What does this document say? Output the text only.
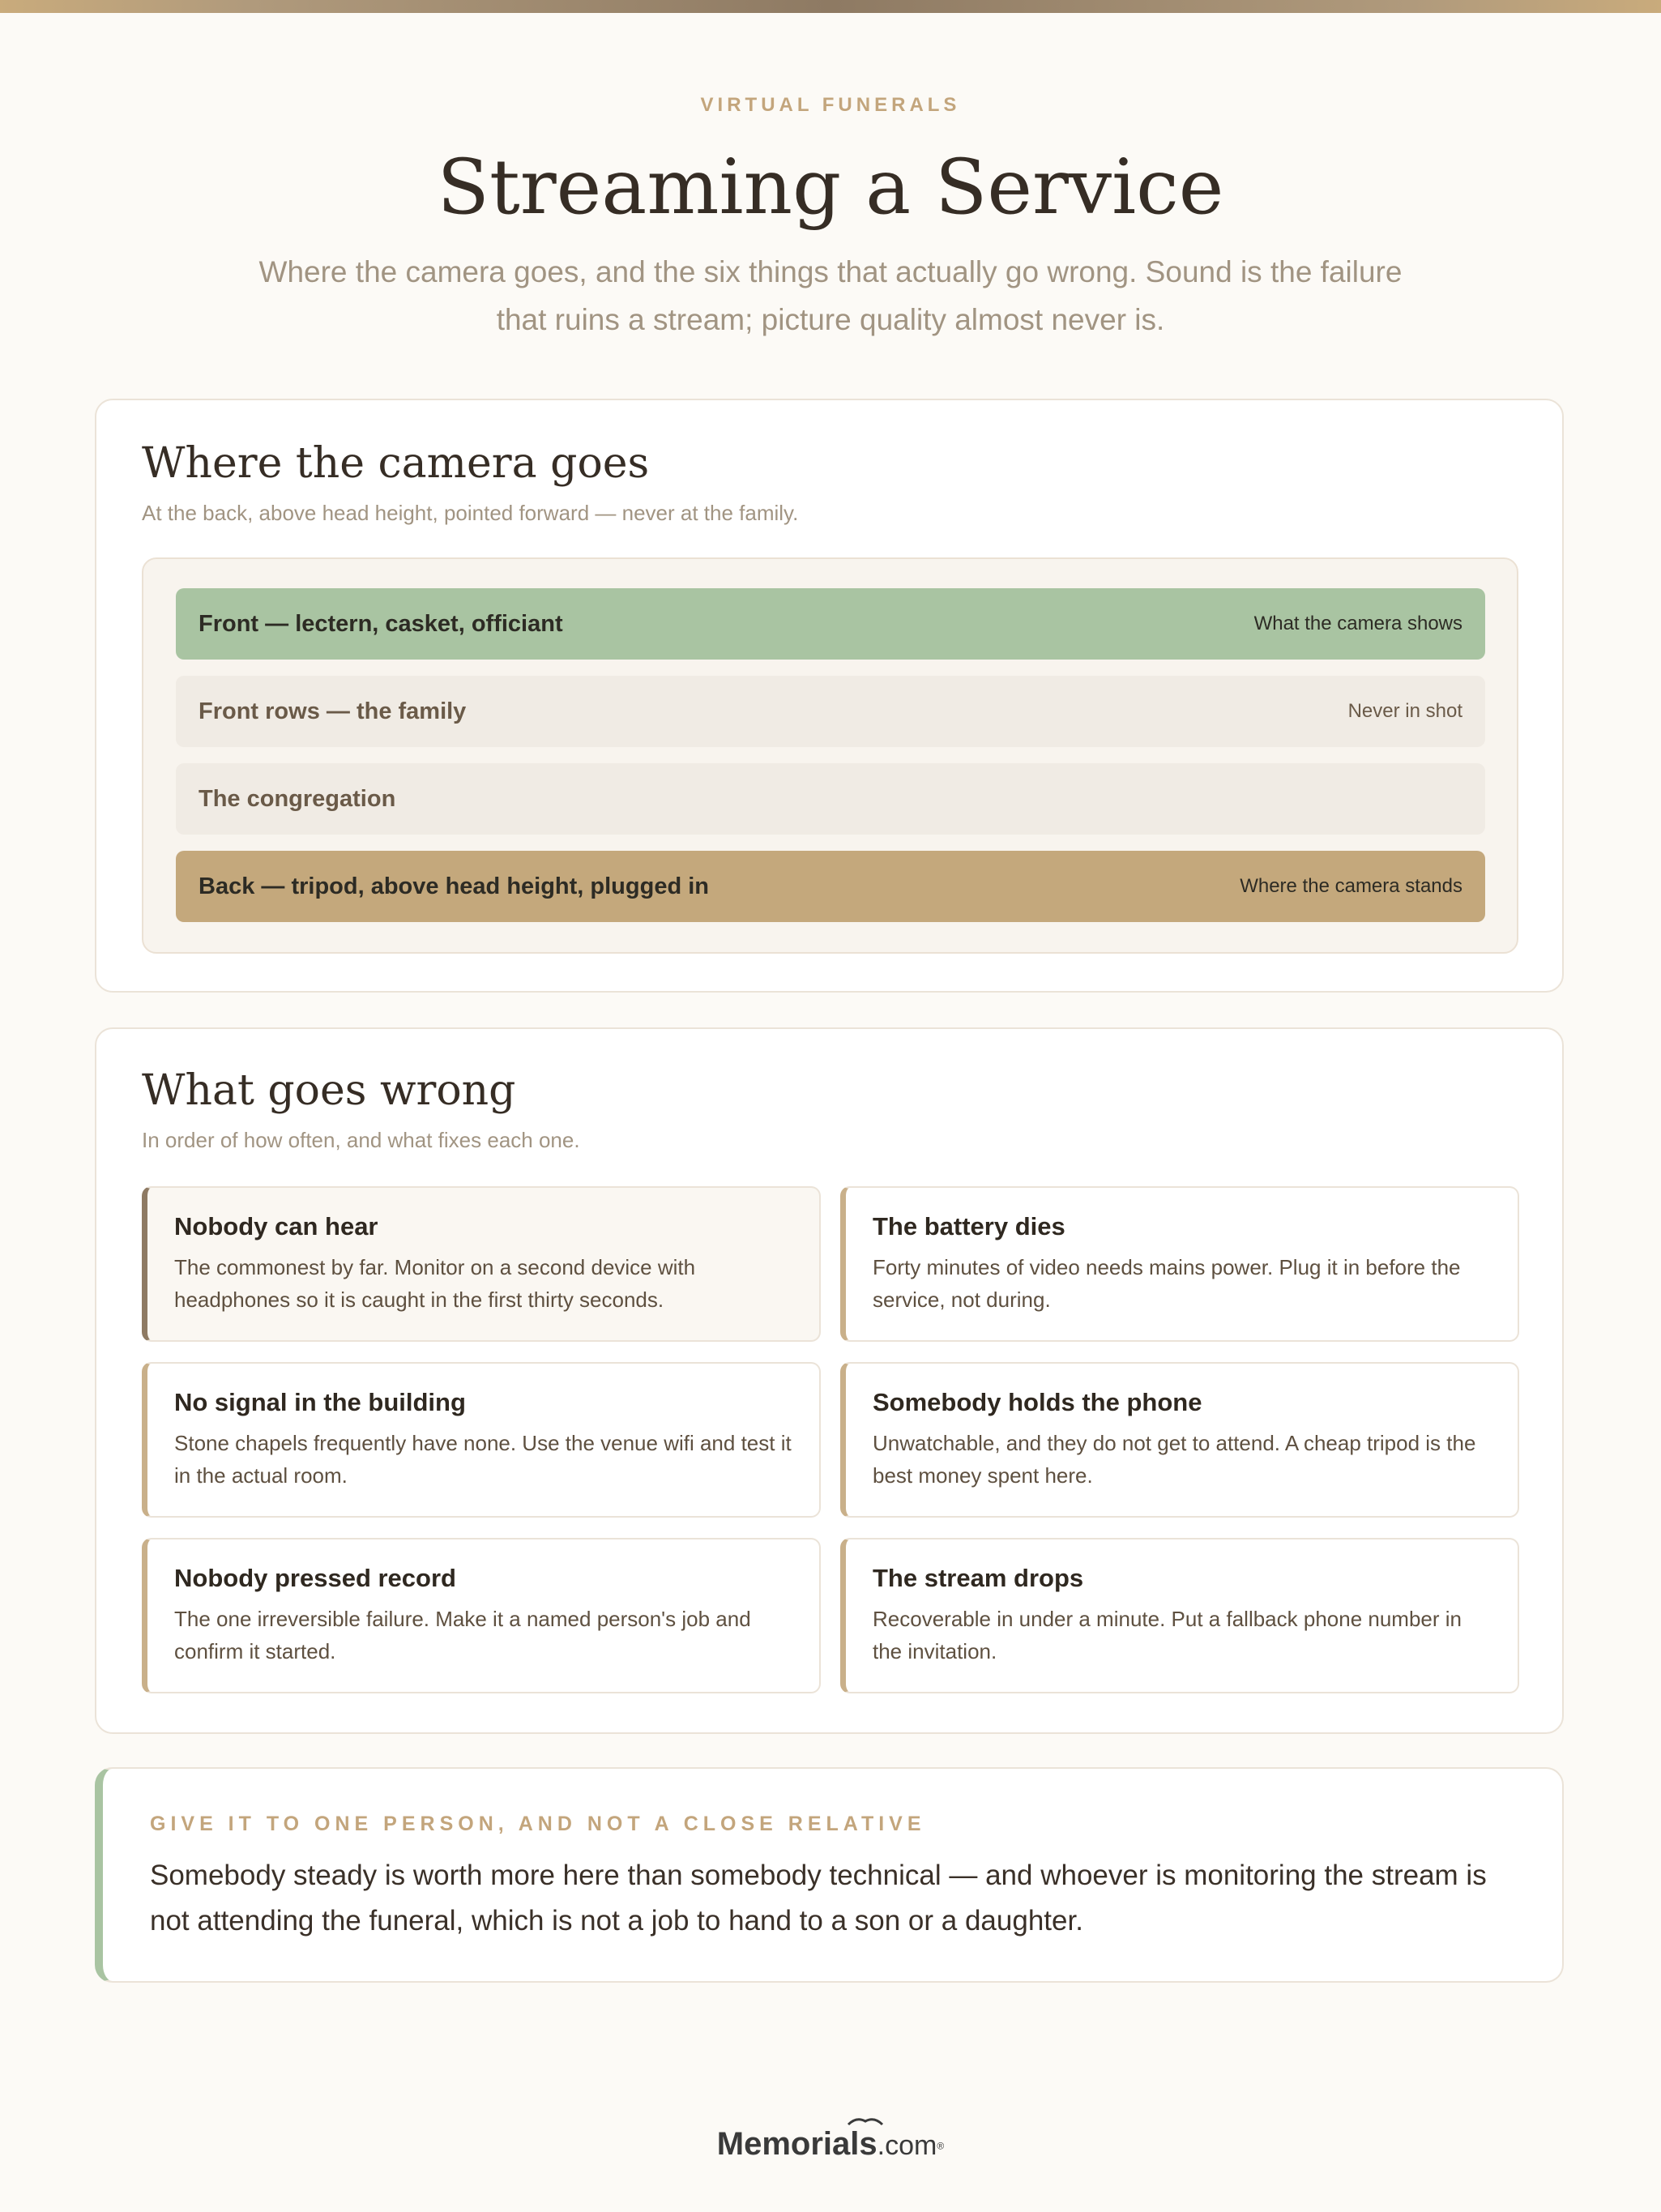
VIRTUAL FUNERALS
Streaming a Service
Where the camera goes, and the six things that actually go wrong. Sound is the failure that ruins a stream; picture quality almost never is.
Where the camera goes
At the back, above head height, pointed forward — never at the family.
Front — lectern, casket, officiant	What the camera shows
Front rows — the family	Never in shot
The congregation
Back — tripod, above head height, plugged in	Where the camera stands
What goes wrong
In order of how often, and what fixes each one.

Nobody can hear

The commonest by far. Monitor on a second device with headphones so it is caught in the first thirty seconds.

The battery dies

Forty minutes of video needs mains power. Plug it in before the service, not during.

No signal in the building

Stone chapels frequently have none. Use the venue wifi and test it in the actual room.

Somebody holds the phone

Unwatchable, and they do not get to attend. A cheap tripod is the best money spent here.

Nobody pressed record

The one irreversible failure. Make it a named person's job and confirm it started.

The stream drops

Recoverable in under a minute. Put a fallback phone number in the invitation.

GIVE IT TO ONE PERSON, AND NOT A CLOSE RELATIVE

Somebody steady is worth more here than somebody technical — and whoever is monitoring the stream is not attending the funeral, which is not a job to hand to a son or a daughter.

Memorials.com®
